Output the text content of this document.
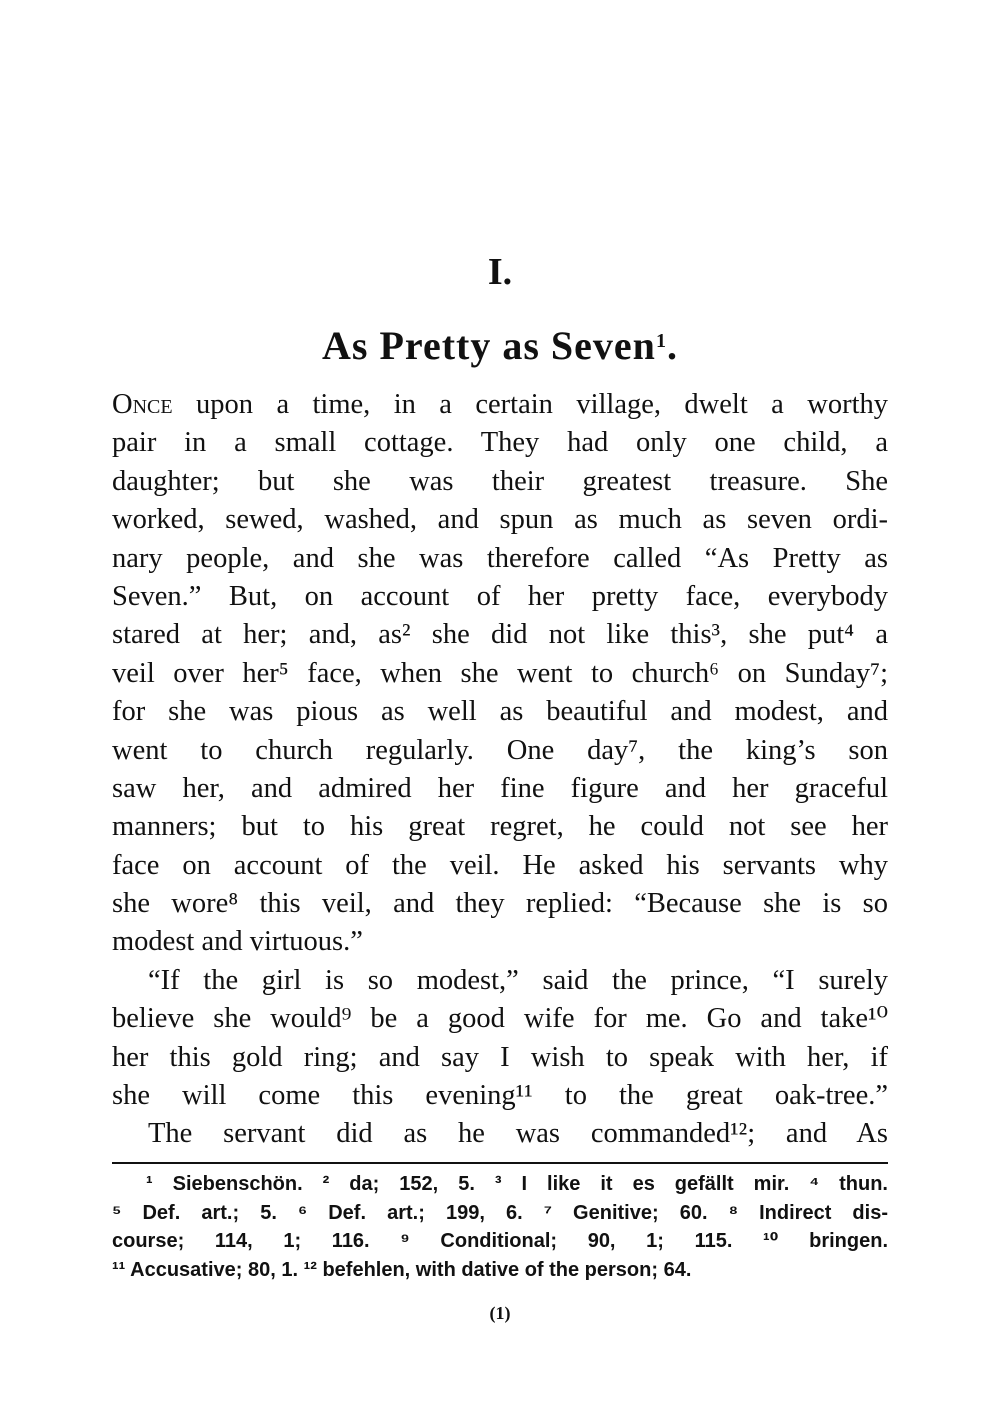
I.
As Pretty as Seven$^1$.
Once upon a time, in a certain village, dwelt a worthy
pair in a small cottage. They had only one child, a
daughter; but she was their greatest treasure. She
worked, sewed, washed, and spun as much as seven ordi-
nary people, and she was therefore called “As Pretty as
Seven.” But, on account of her pretty face, everybody
stared at her; and, as² she did not like this³, she put⁴ a
veil over her⁵ face, when she went to church⁶ on Sunday⁷;
for she was pious as well as beautiful and modest, and
went to church regularly. One day⁷, the king’s son
saw her, and admired her fine figure and her graceful
manners; but to his great regret, he could not see her
face on account of the veil. He asked his servants why
she wore⁸ this veil, and they replied: “Because she is so
modest and virtuous.”
“If the girl is so modest,” said the prince, “I surely
believe she would⁹ be a good wife for me. Go and take¹⁰
her this gold ring; and say I wish to speak with her, if
she will come this evening¹¹ to the great oak-tree.”
The servant did as he was commanded¹²; and As
¹ Siebenschön. ² da; 152, 5. ³ I like it es gefällt mir. ⁴ thun.
⁵ Def. art.; 5. ⁶ Def. art.; 199, 6. ⁷ Genitive; 60. ⁸ Indirect dis-
course; 114, 1; 116. ⁹ Conditional; 90, 1; 115. ¹⁰ bringen.
¹¹ Accusative; 80, 1. ¹² befehlen, with dative of the person; 64.
(1)
